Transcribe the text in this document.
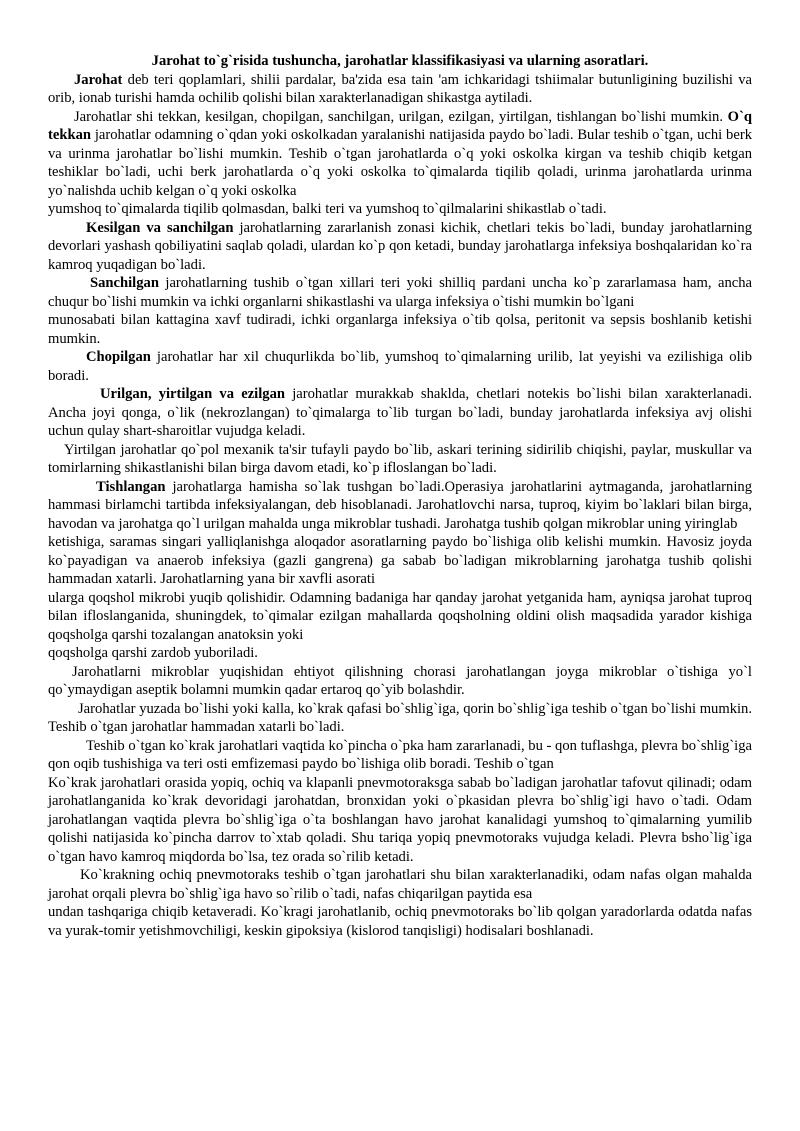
Jarohat to`g`risida tushuncha, jarohatlar klassifikasiyasi va ularning asoratlari.

Jarohat deb teri qoplamlari, shilii pardalar, ba'zida esa tain 'am ichkaridagi tshiimalar butunligining buzilishi va orib, ionab turishi hamda ochilib qolishi bilan xarakterlanadigan shikastga aytiladi.

Jarohatlar shi tekkan, kesilgan, chopilgan, sanchilgan, urilgan, ezilgan, yirtilgan, tishlangan bo`lishi mumkin. O`q tekkan jarohatlar odamning o`qdan yoki oskolkadan yaralanishi natijasida paydo bo`ladi. Bular teshib o`tgan, uchi berk va urinma jarohatlar bo`lishi mumkin. Teshib o`tgan jarohatlarda o`q yoki oskolka kirgan va teshib chiqib ketgan teshiklar bo`ladi, uchi berk jarohatlarda o`q yoki oskolka to`qimalarda tiqilib qoladi, urinma jarohatlarda urinma yo`nalishda uchib kelgan o`q yoki oskolka

yumshoq to`qimalarda tiqilib qolmasdan, balki teri va yumshoq to`qilmalarini shikastlab o`tadi.

Kesilgan va sanchilgan jarohatlarning zararlanish zonasi kichik, chetlari tekis bo`ladi, bunday jarohatlarning devorlari yashash qobiliyatini saqlab qoladi, ulardan ko`p qon ketadi, bunday jarohatlarga infeksiya boshqalaridan ko`ra kamroq yuqadigan bo`ladi.

Sanchilgan jarohatlarning tushib o`tgan xillari teri yoki shilliq pardani uncha ko`p zararlamasa ham, ancha chuqur bo`lishi mumkin va ichki organlarni shikastlashi va ularga infeksiya o`tishi mumkin bo`lgani

munosabati bilan kattagina xavf tudiradi, ichki organlarga infeksiya o`tib qolsa, peritonit va sepsis boshlanib ketishi mumkin.

Chopilgan jarohatlar har xil chuqurlikda bo`lib, yumshoq to`qimalarning urilib, lat yeyishi va ezilishiga olib boradi.

Urilgan, yirtilgan va ezilgan jarohatlar murakkab shaklda, chetlari notekis bo`lishi bilan xarakterlanadi. Ancha joyi qonga, o`lik (nekrozlangan) to`qimalarga to`lib turgan bo`ladi, bunday jarohatlarda infeksiya avj olishi uchun qulay shart-sharoitlar vujudga keladi.

Yirtilgan jarohatlar qo`pol mexanik ta'sir tufayli paydo bo`lib, askari terining sidirilib chiqishi, paylar, muskullar va tomirlarning shikastlanishi bilan birga davom etadi, ko`p ifloslangan bo`ladi.

Tishlangan jarohatlarga hamisha so`lak tushgan bo`ladi.Operasiya jarohatlarini aytmaganda, jarohatlarning hammasi birlamchi tartibda infeksiyalangan, deb hisoblanadi. Jarohatlovchi narsa, tuproq, kiyim bo`laklari bilan birga, havodan va jarohatga qo`l urilgan mahalda unga mikroblar tushadi. Jarohatga tushib qolgan mikroblar uning yiringlab

ketishiga, saramas singari yalliqlanishga aloqador asoratlarning paydo bo`lishiga olib kelishi mumkin. Havosiz joyda ko`payadigan va anaerob infeksiya (gazli gangrena) ga sabab bo`ladigan mikroblarning jarohatga tushib qolishi hammadan xatarli. Jarohatlarning yana bir xavfli asorati

ularga qoqshol mikrobi yuqib qolishidir. Odamning badaniga har qanday jarohat yetganida ham, ayniqsa jarohat tuproq bilan ifloslanganida, shuningdek, to`qimalar ezilgan mahallarda qoqsholning oldini olish maqsadida yarador kishiga qoqsholga qarshi tozalangan anatoksin yoki

qoqsholga qarshi zardob yuboriladi.

Jarohatlarni mikroblar yuqishidan ehtiyot qilishning chorasi jarohatlangan joyga mikroblar o`tishiga yo`l qo`ymaydigan aseptik bolamni mumkin qadar ertaroq qo`yib bolashdir.

Jarohatlar yuzada bo`lishi yoki kalla, ko`krak qafasi bo`shlig`iga, qorin bo`shlig`iga teshib o`tgan bo`lishi mumkin. Teshib o`tgan jarohatlar hammadan xatarli bo`ladi.

Teshib o`tgan ko`krak jarohatlari vaqtida ko`pincha o`pka ham zararlanadi, bu - qon tuflashga, plevra bo`shlig`iga qon oqib tushishiga va teri osti emfizemasi paydo bo`lishiga olib boradi. Teshib o`tgan

Ko`krak jarohatlari orasida yopiq, ochiq va klapanli pnevmotoraksga sabab bo`ladigan jarohatlar tafovut qilinadi; odam jarohatlanganida ko`krak devoridagi jarohatdan, bronxidan yoki o`pkasidan plevra bo`shlig`igi havo o`tadi. Odam jarohatlangan vaqtida plevra bo`shlig`iga o`ta boshlangan havo jarohat kanalidagi yumshoq to`qimalarning yumilib qolishi natijasida ko`pincha darrov to`xtab qoladi. Shu tariqa yopiq pnevmotoraks vujudga keladi. Plevra bsho`lig`iga o`tgan havo kamroq miqdorda bo`lsa, tez orada so`rilib ketadi.

Ko`krakning ochiq pnevmotoraks teshib o`tgan jarohatlari shu bilan xarakterlanadiki, odam nafas olgan mahalda jarohat orqali plevra bo`shlig`iga havo so`rilib o`tadi, nafas chiqarilgan paytida esa

undan tashqariga chiqib ketaveradi. Ko`kragi jarohatlanib, ochiq pnevmotoraks bo`lib qolgan yaradorlarda odatda nafas va yurak-tomir yetishmovchiligi, keskin gipoksiya (kislorod tanqisligi) hodisalari boshlanadi.
